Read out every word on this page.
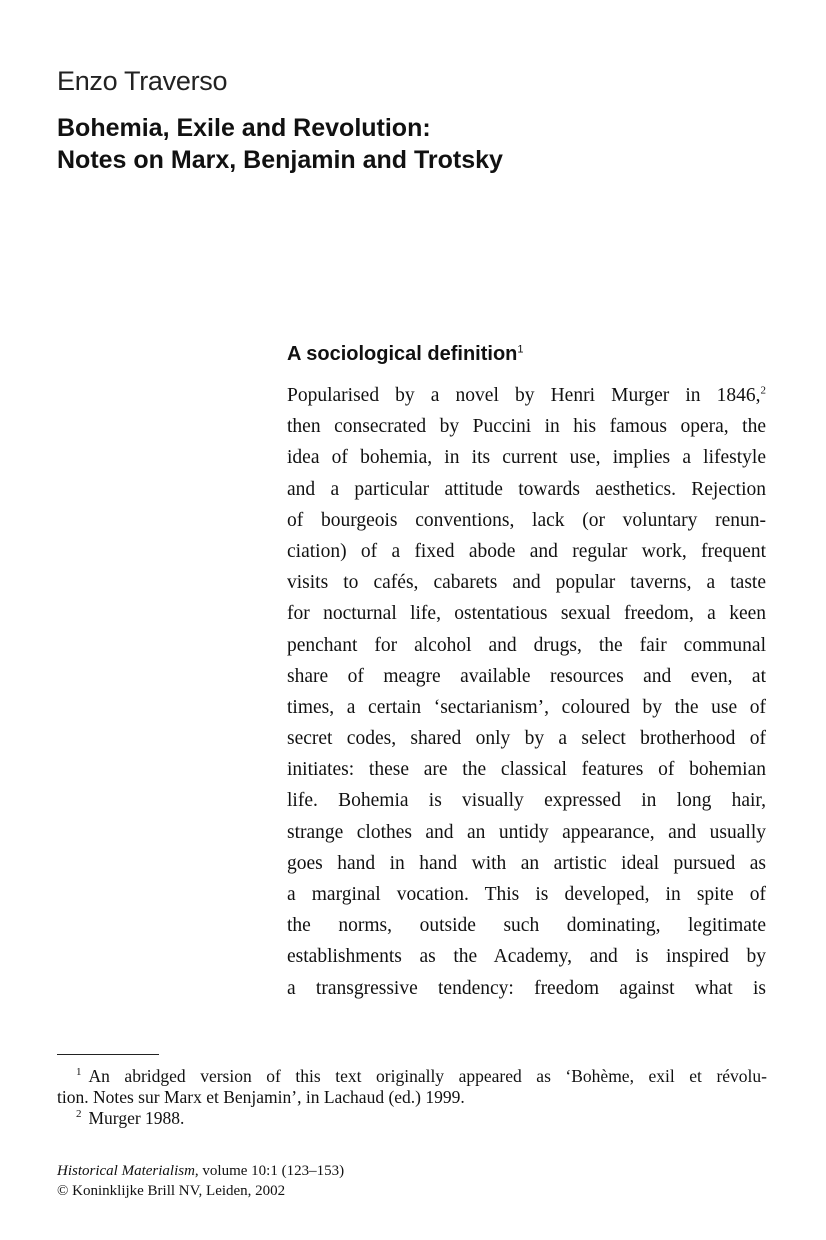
Enzo Traverso
Bohemia, Exile and Revolution:
Notes on Marx, Benjamin and Trotsky
A sociological definition$^1$
Popularised by a novel by Henri Murger in 1846,$^2$
then consecrated by Puccini in his famous opera, the
idea of bohemia, in its current use, implies a lifestyle
and a particular attitude towards aesthetics. Rejection
of bourgeois conventions, lack (or voluntary renun-
ciation) of a fixed abode and regular work, frequent
visits to cafés, cabarets and popular taverns, a taste
for nocturnal life, ostentatious sexual freedom, a keen
penchant for alcohol and drugs, the fair communal
share of meagre available resources and even, at
times, a certain ‘sectarianism’, coloured by the use of
secret codes, shared only by a select brotherhood of
initiates: these are the classical features of bohemian
life. Bohemia is visually expressed in long hair,
strange clothes and an untidy appearance, and usually
goes hand in hand with an artistic ideal pursued as
a marginal vocation. This is developed, in spite of
the norms, outside such dominating, legitimate
establishments as the Academy, and is inspired by
a transgressive tendency: freedom against what is

$^1$ An abridged version of this text originally appeared as ‘Bohème, exil et révolu-
tion. Notes sur Marx et Benjamin’, in Lachaud (ed.) 1999.

$^2$ Murger 1988.

Historical Materialism, volume 10:1 (123–153)
© Koninklijke Brill NV, Leiden, 2002
